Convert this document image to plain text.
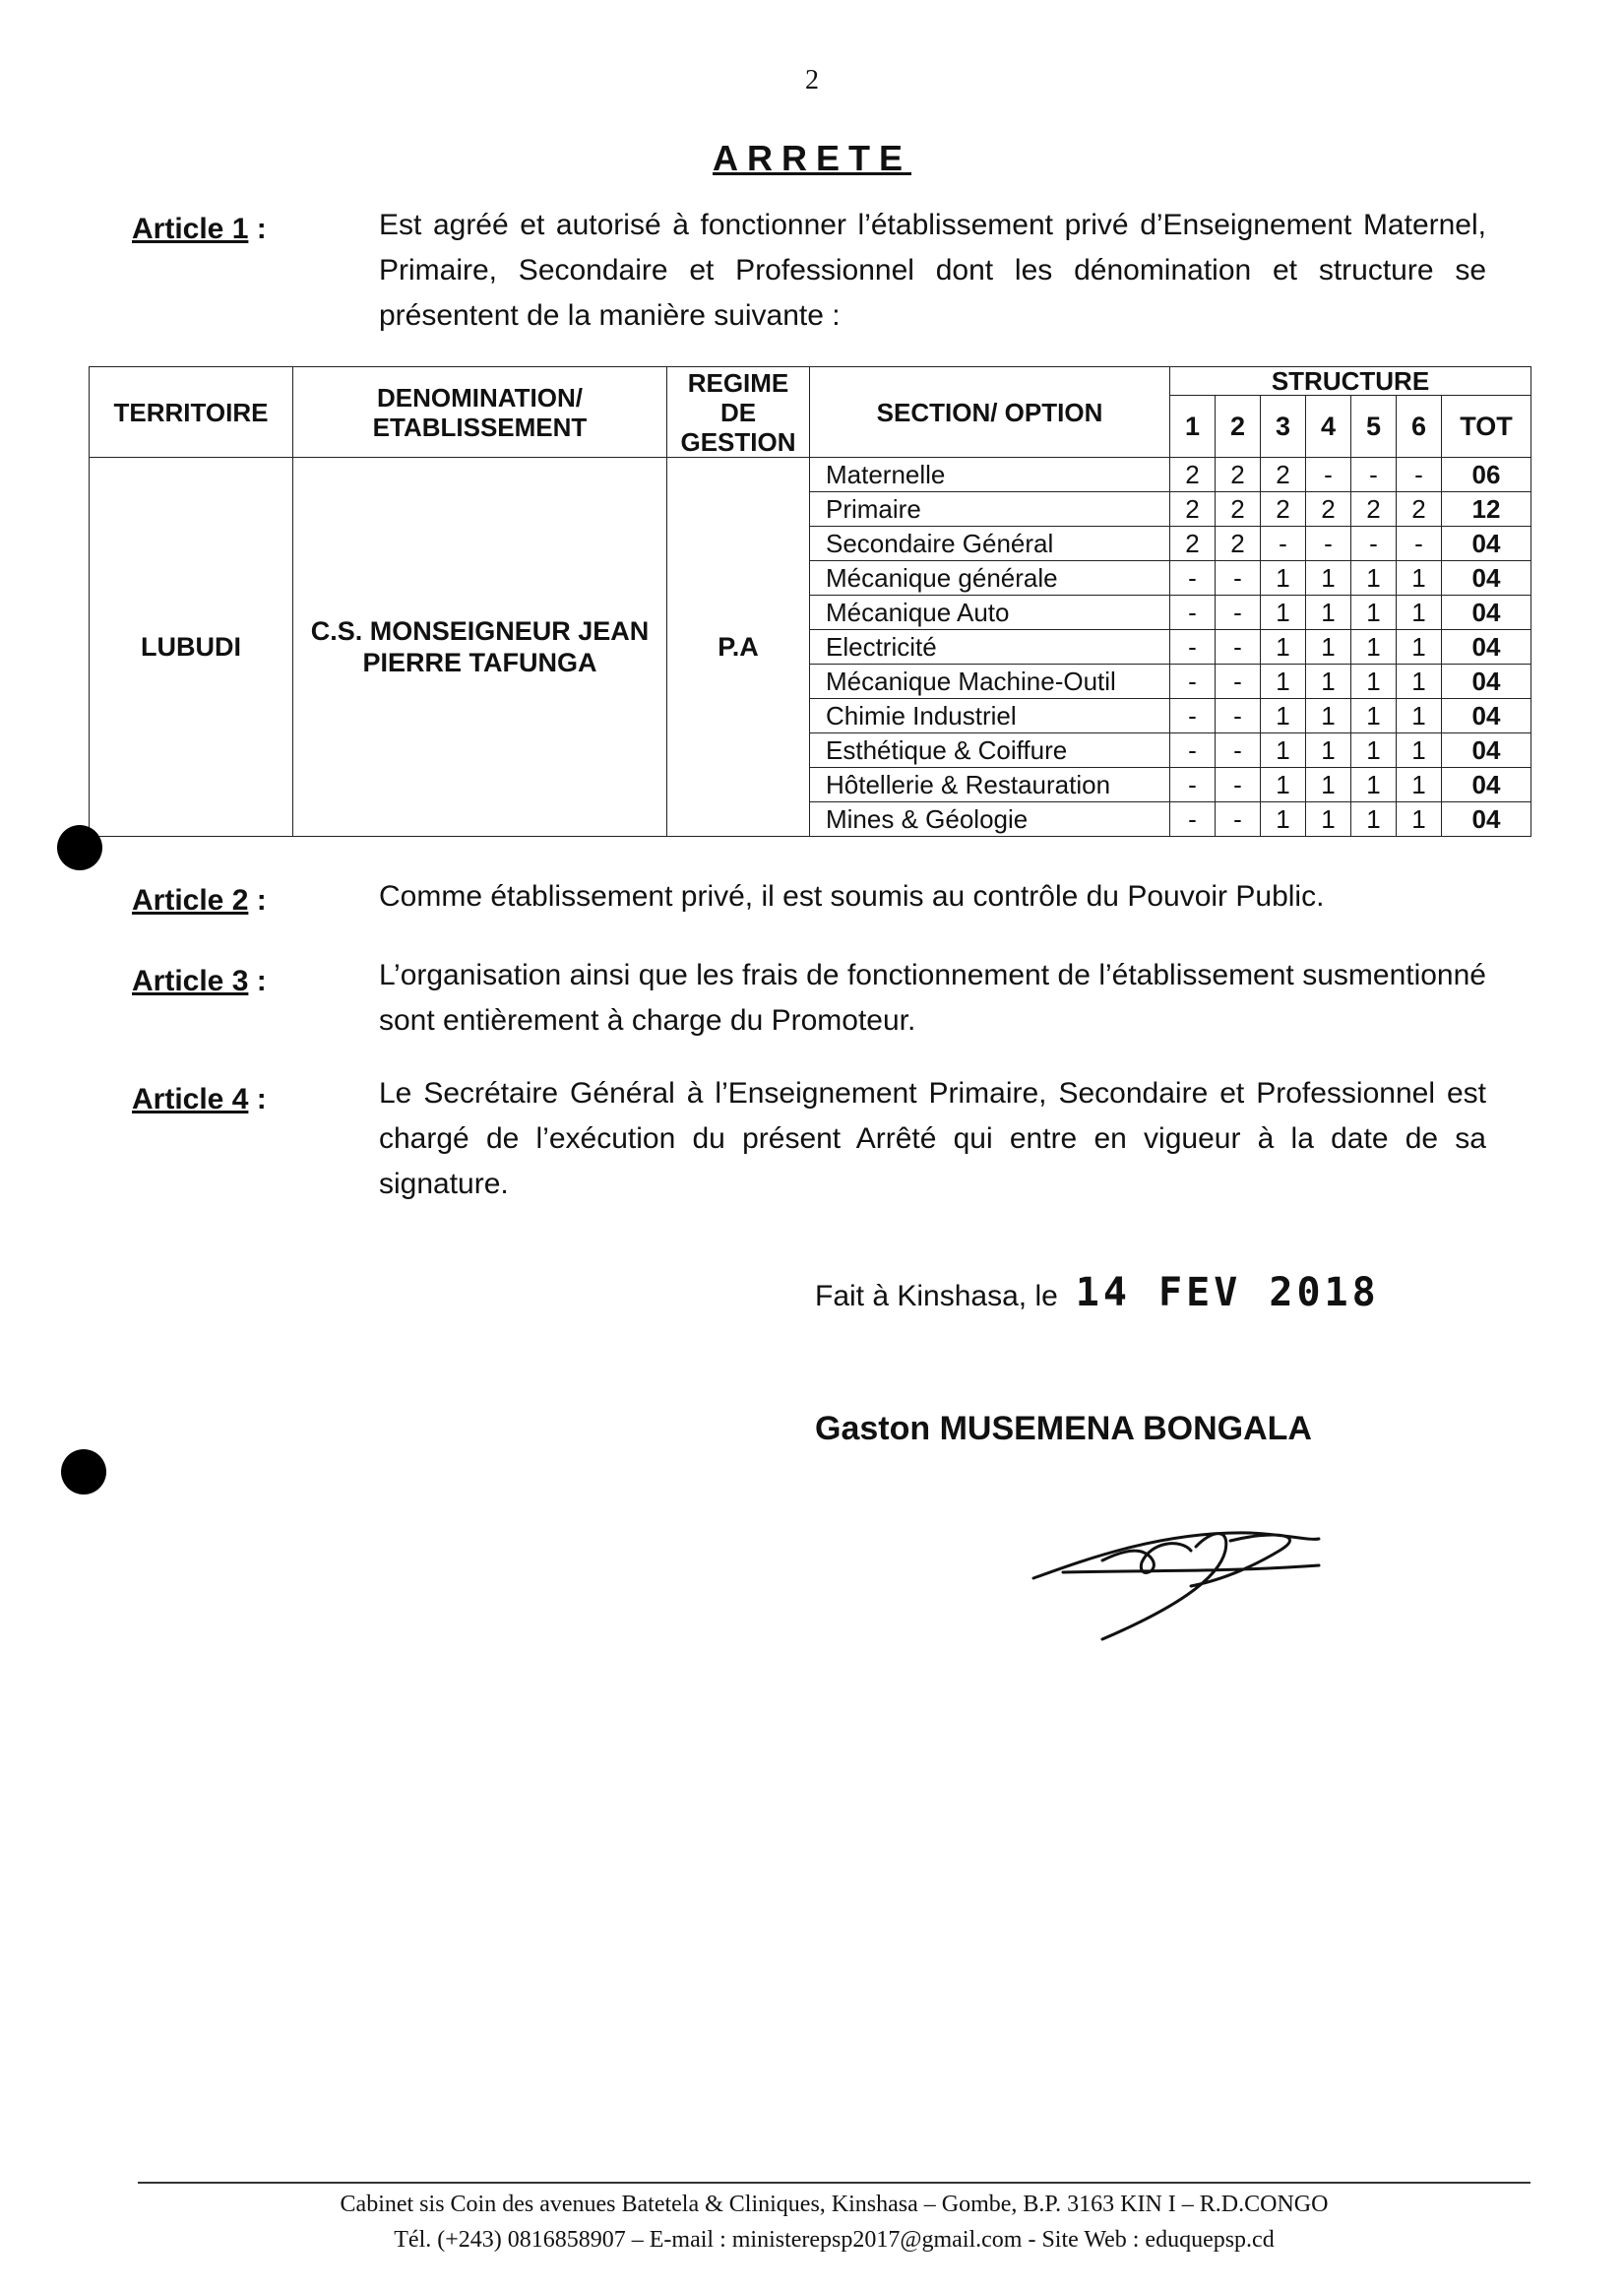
2
ARRETE
Article 1 :	Est agréé et autorisé à fonctionner l’établissement privé d’Enseignement Maternel, Primaire, Secondaire et Professionnel dont les dénomination et structure se présentent de la manière suivante :
TERRITOIRE	DENOMINATION/ ETABLISSEMENT	REGIME DE GESTION	SECTION/ OPTION	STRUCTURE						
				1	2	3	4	5	6	TOT
LUBUDI	C.S. MONSEIGNEUR JEAN PIERRE TAFUNGA	P.A	Maternelle	2	2	2	-	-	-	06
			Primaire	2	2	2	2	2	2	12
			Secondaire Général	2	2	-	-	-	-	04
			Mécanique générale	-	-	1	1	1	1	04
			Mécanique Auto	-	-	1	1	1	1	04
			Electricité	-	-	1	1	1	1	04
			Mécanique Machine-Outil	-	-	1	1	1	1	04
			Chimie Industriel	-	-	1	1	1	1	04
			Esthétique & Coiffure	-	-	1	1	1	1	04
			Hôtellerie & Restauration	-	-	1	1	1	1	04
			Mines & Géologie	-	-	1	1	1	1	04
Article 2 :	Comme établissement privé, il est soumis au contrôle du Pouvoir Public.
Article 3 :	L’organisation ainsi que les frais de fonctionnement de l’établissement susmentionné sont entièrement à charge du Promoteur.
Article 4 :	Le Secrétaire Général à l’Enseignement Primaire, Secondaire et Professionnel est chargé de l’exécution du présent Arrêté qui entre en vigueur à la date de sa signature.
Fait à Kinshasa, le 14 FEV 2018
Gaston MUSEMENA BONGALA
Cabinet sis Coin des avenues Batetela & Cliniques, Kinshasa – Gombe, B.P. 3163 KIN I – R.D.CONGO
Tél. (+243) 0816858907 – E-mail : ministerepsp2017@gmail.com - Site Web : eduquepsp.cd
